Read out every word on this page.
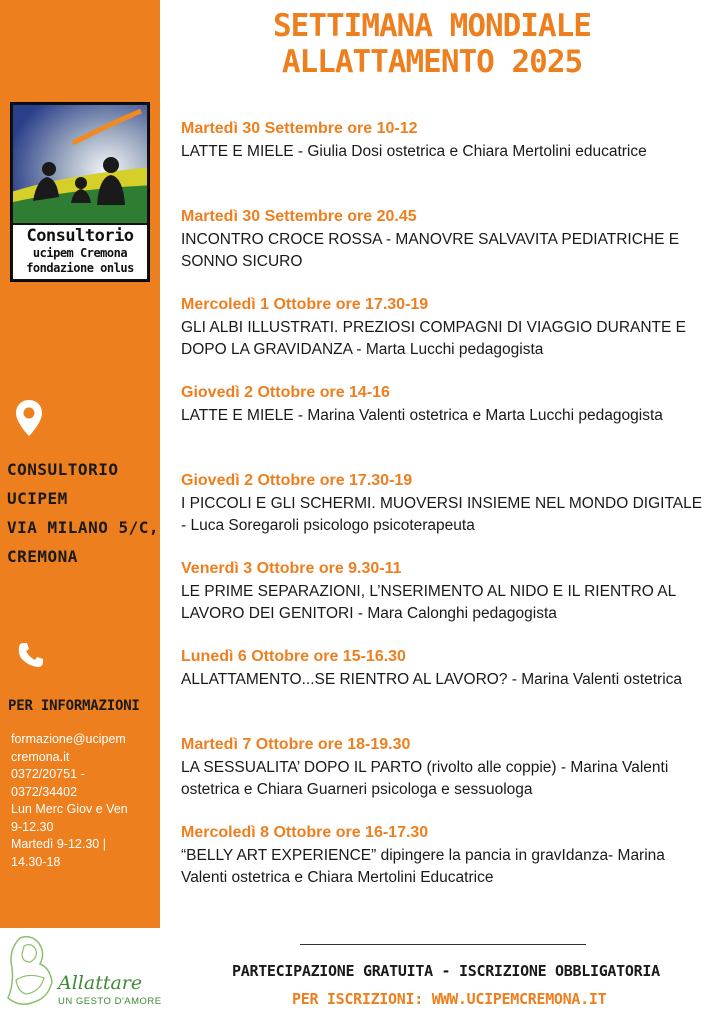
Consultorio
ucipem Cremona
fondazione onlus
CONSULTORIO
UCIPEM
VIA MILANO 5/C,
CREMONA
PER INFORMAZIONI
formazione@ucipem
cremona.it
0372/20751 -
0372/34402
Lun Merc Giov e Ven
9-12.30
Martedì 9-12.30 |
14.30-18
Allattare
UN GESTO D'AMORE
SETTIMANA MONDIALE
ALLATTAMENTO 2025
Martedì 30 Settembre ore 10-12
LATTE E MIELE - Giulia Dosi ostetrica e Chiara Mertolini educatrice
Martedì 30 Settembre ore 20.45
INCONTRO CROCE ROSSA - MANOVRE SALVAVITA PEDIATRICHE E SONNO SICURO
Mercoledì 1 Ottobre ore 17.30-19
GLI ALBI ILLUSTRATI. PREZIOSI COMPAGNI DI VIAGGIO DURANTE E DOPO LA GRAVIDANZA - Marta Lucchi pedagogista
Giovedì 2 Ottobre ore 14-16
LATTE E MIELE - Marina Valenti ostetrica e Marta Lucchi pedagogista
Giovedì 2 Ottobre ore 17.30-19
I PICCOLI E GLI SCHERMI. MUOVERSI INSIEME NEL MONDO DIGITALE - Luca Soregaroli psicologo psicoterapeuta
Venerdì 3 Ottobre ore 9.30-11
LE PRIME SEPARAZIONI, L’NSERIMENTO AL NIDO E IL RIENTRO AL LAVORO DEI GENITORI - Mara Calonghi pedagogista
Lunedì 6 Ottobre ore 15-16.30
ALLATTAMENTO...SE RIENTRO AL LAVORO? - Marina Valenti ostetrica
Martedì 7 Ottobre ore 18-19.30
LA SESSUALITA’ DOPO IL PARTO (rivolto alle coppie) - Marina Valenti ostetrica e Chiara Guarneri psicologa e sessuologa
Mercoledì 8 Ottobre ore 16-17.30
“BELLY ART EXPERIENCE” dipingere la pancia in gravIdanza- Marina Valenti ostetrica e Chiara Mertolini Educatrice
PARTECIPAZIONE GRATUITA - ISCRIZIONE OBBLIGATORIA
PER ISCRIZIONI: WWW.UCIPEMCREMONA.IT
